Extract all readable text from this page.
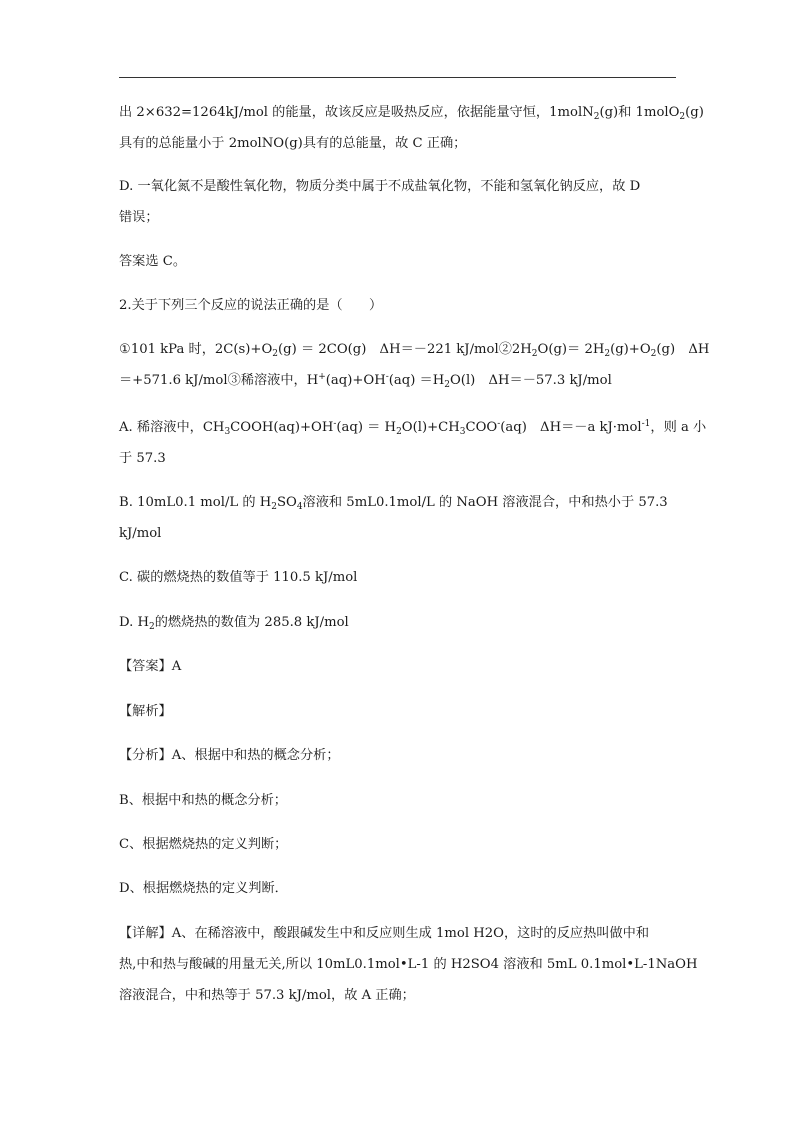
出 2×632=1264kJ/mol 的能量，故该反应是吸热反应，依据能量守恒，1molN$_2$(g)和 1molO$_2$(g)
具有的总能量小于 2molNO(g)具有的总能量，故 C 正确；
D. 一氧化氮不是酸性氧化物，物质分类中属于不成盐氧化物，不能和氢氧化钠反应，故 D
错误；
答案选 C。
2.关于下列三个反应的说法正确的是（　　）
①101 kPa 时，$2C(s)+O_2(g) = 2CO(g)$　ΔH＝－221 $kJ/mol②2H_2O(g)= 2H_2(g)+O_2(g)$　ΔH
＝+571.6 kJ/mol③稀溶液中，$H^+(aq)+OH^-(aq) =H_2O(l)$　ΔH＝－57.3 kJ/mol
A. 稀溶液中，$CH_3COOH(aq)+OH^-(aq) = H_2O(l)+CH_3COO^-(aq)$　ΔH＝－a kJ·mol$^{-1}$，则 a 小
于 57.3
B. 10mL0.1 mol/L 的 $H_2SO_4$溶液和 5mL0.1mol/L 的 NaOH 溶液混合，中和热小于 57.3
kJ/mol
C. 碳的燃烧热的数值等于 110.5 kJ/mol
D. $H_2$的燃烧热的数值为 285.8 kJ/mol
【答案】A
【解析】
【分析】A、根据中和热的概念分析；
B、根据中和热的概念分析；
C、根据燃烧热的定义判断；
D、根据燃烧热的定义判断．
【详解】A、在稀溶液中，酸跟碱发生中和反应则生成 1mol H2O，这时的反应热叫做中和
热,中和热与酸碱的用量无关,所以 10mL0.1mol•L-1 的 H2SO4 溶液和 5mL 0.1mol•L-1NaOH
溶液混合，中和热等于 57.3 kJ/mol，故 A 正确；
